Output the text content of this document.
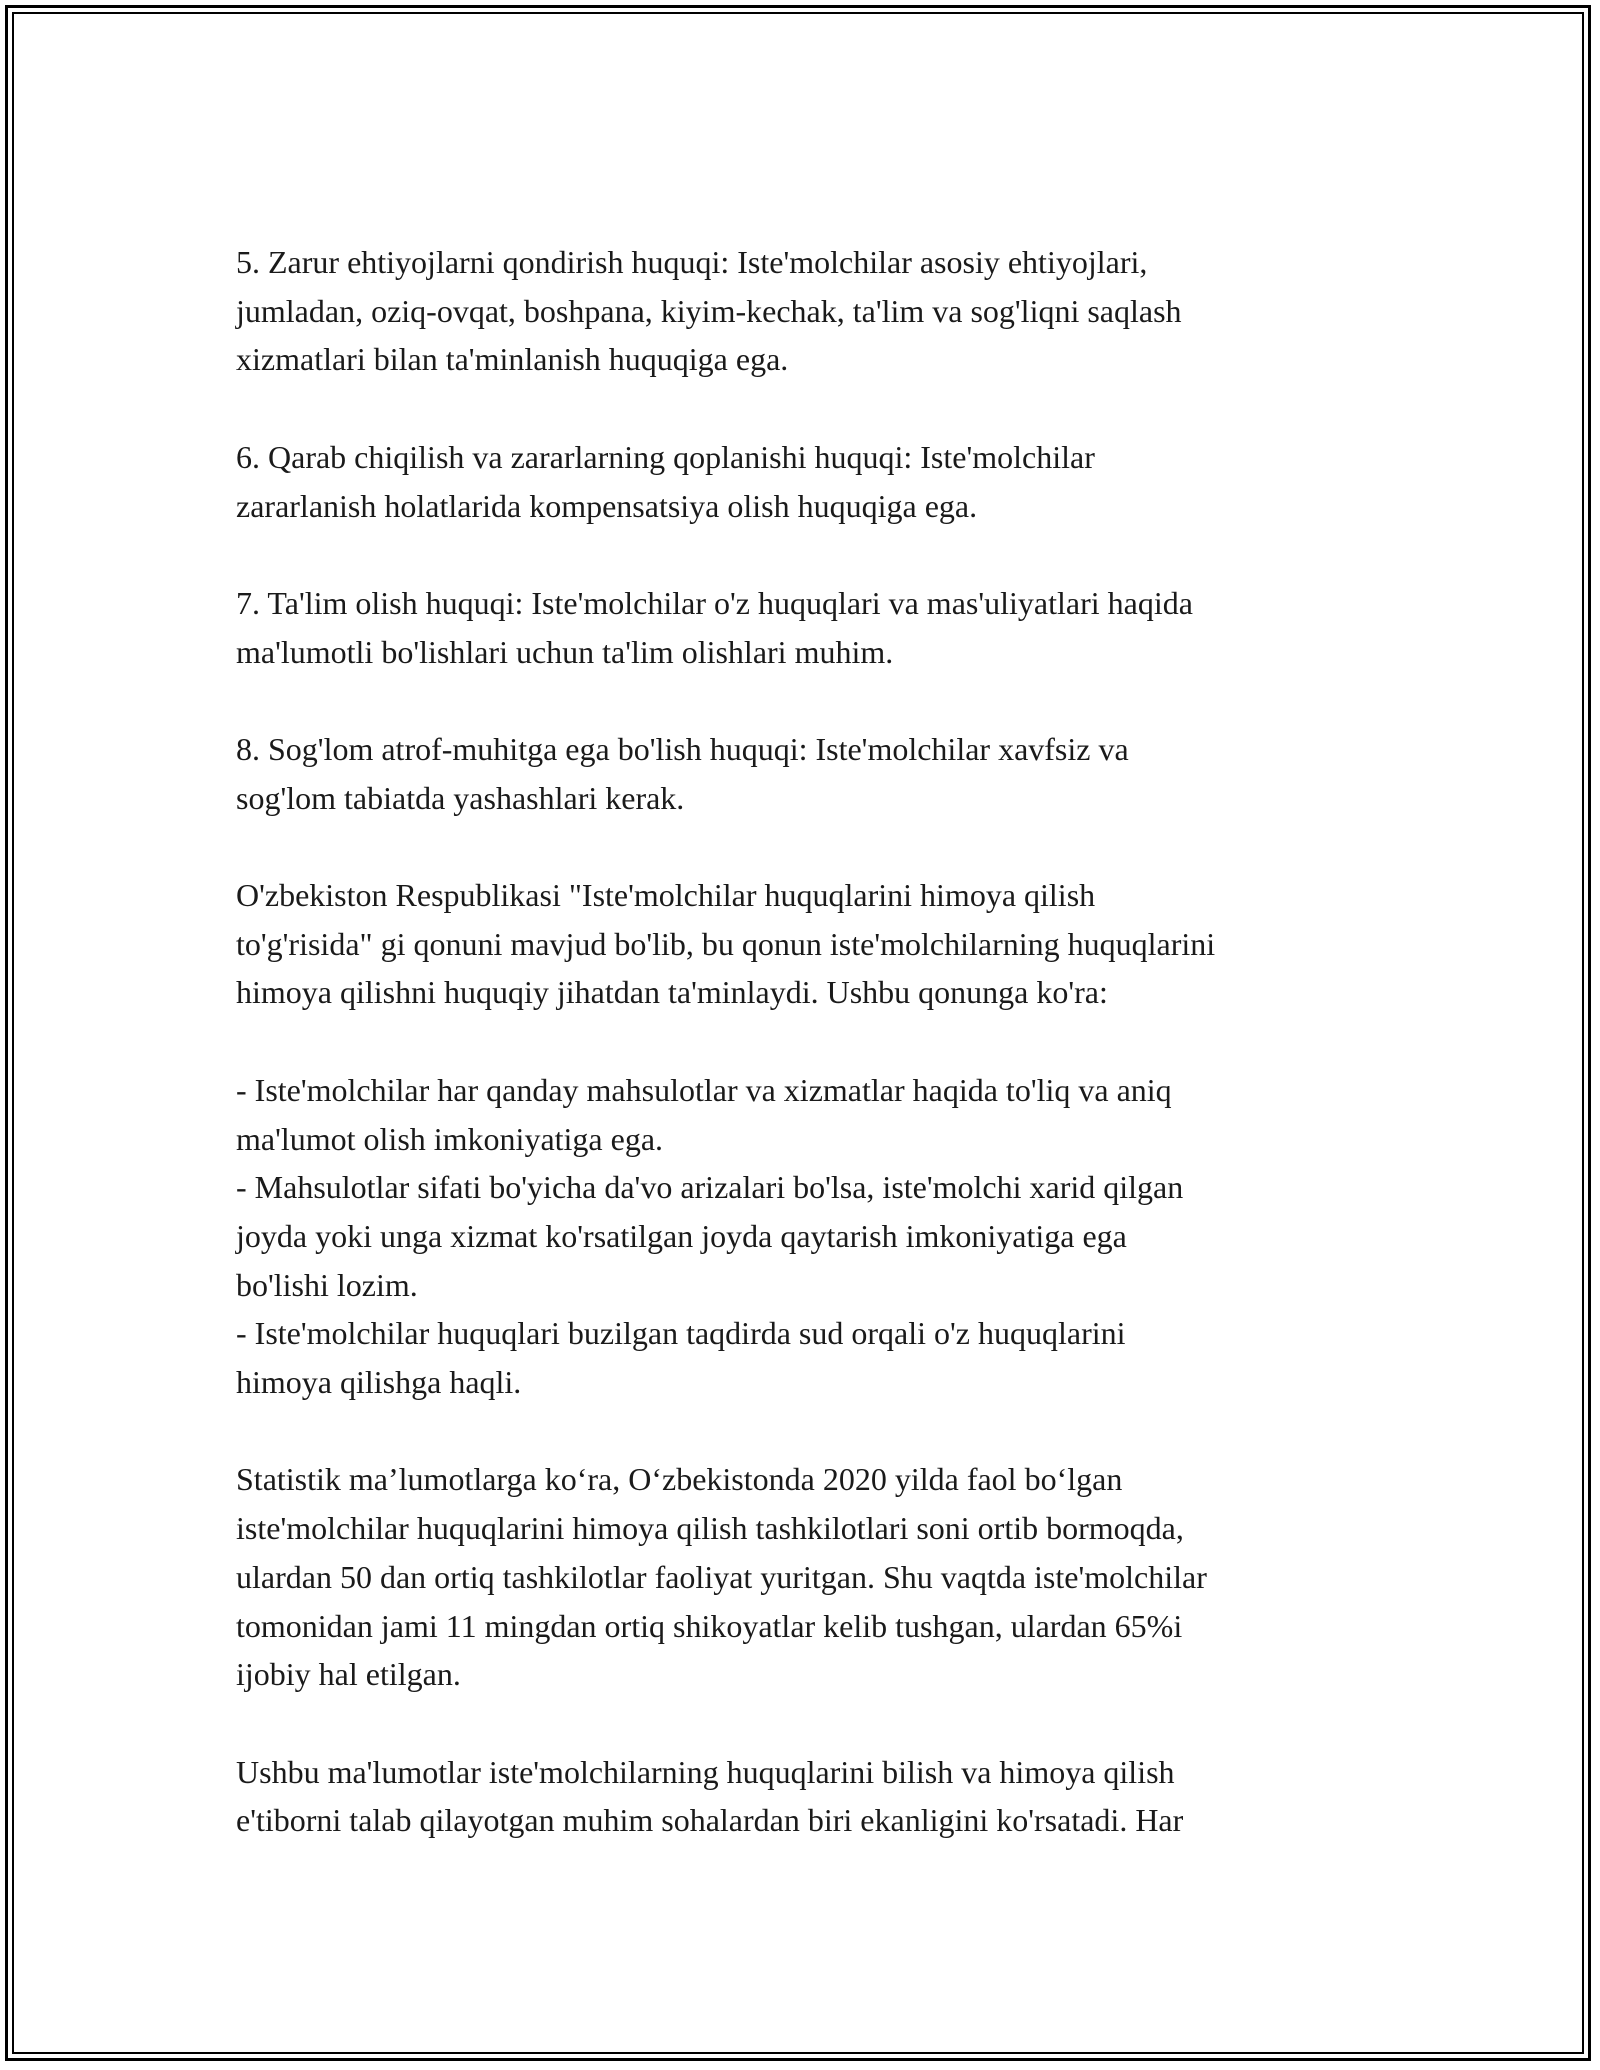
5. Zarur ehtiyojlarni qondirish huquqi: Iste'molchilar asosiy ehtiyojlari,
jumladan, oziq-ovqat, boshpana, kiyim-kechak, ta'lim va sog'liqni saqlash
xizmatlari bilan ta'minlanish huquqiga ega.

6. Qarab chiqilish va zararlarning qoplanishi huquqi: Iste'molchilar
zararlanish holatlarida kompensatsiya olish huquqiga ega.

7. Ta'lim olish huquqi: Iste'molchilar o'z huquqlari va mas'uliyatlari haqida
ma'lumotli bo'lishlari uchun ta'lim olishlari muhim.

8. Sog'lom atrof-muhitga ega bo'lish huquqi: Iste'molchilar xavfsiz va
sog'lom tabiatda yashashlari kerak.

O'zbekiston Respublikasi "Iste'molchilar huquqlarini himoya qilish
to'g'risida" gi qonuni mavjud bo'lib, bu qonun iste'molchilarning huquqlarini
himoya qilishni huquqiy jihatdan ta'minlaydi. Ushbu qonunga ko'ra:

- Iste'molchilar har qanday mahsulotlar va xizmatlar haqida to'liq va aniq
ma'lumot olish imkoniyatiga ega.
- Mahsulotlar sifati bo'yicha da'vo arizalari bo'lsa, iste'molchi xarid qilgan
joyda yoki unga xizmat ko'rsatilgan joyda qaytarish imkoniyatiga ega
bo'lishi lozim.
- Iste'molchilar huquqlari buzilgan taqdirda sud orqali o'z huquqlarini
himoya qilishga haqli.

Statistik ma’lumotlarga ko‘ra, O‘zbekistonda 2020 yilda faol bo‘lgan
iste'molchilar huquqlarini himoya qilish tashkilotlari soni ortib bormoqda,
ulardan 50 dan ortiq tashkilotlar faoliyat yuritgan. Shu vaqtda iste'molchilar
tomonidan jami 11 mingdan ortiq shikoyatlar kelib tushgan, ulardan 65%i
ijobiy hal etilgan.

Ushbu ma'lumotlar iste'molchilarning huquqlarini bilish va himoya qilish
e'tiborni talab qilayotgan muhim sohalardan biri ekanligini ko'rsatadi. Har
